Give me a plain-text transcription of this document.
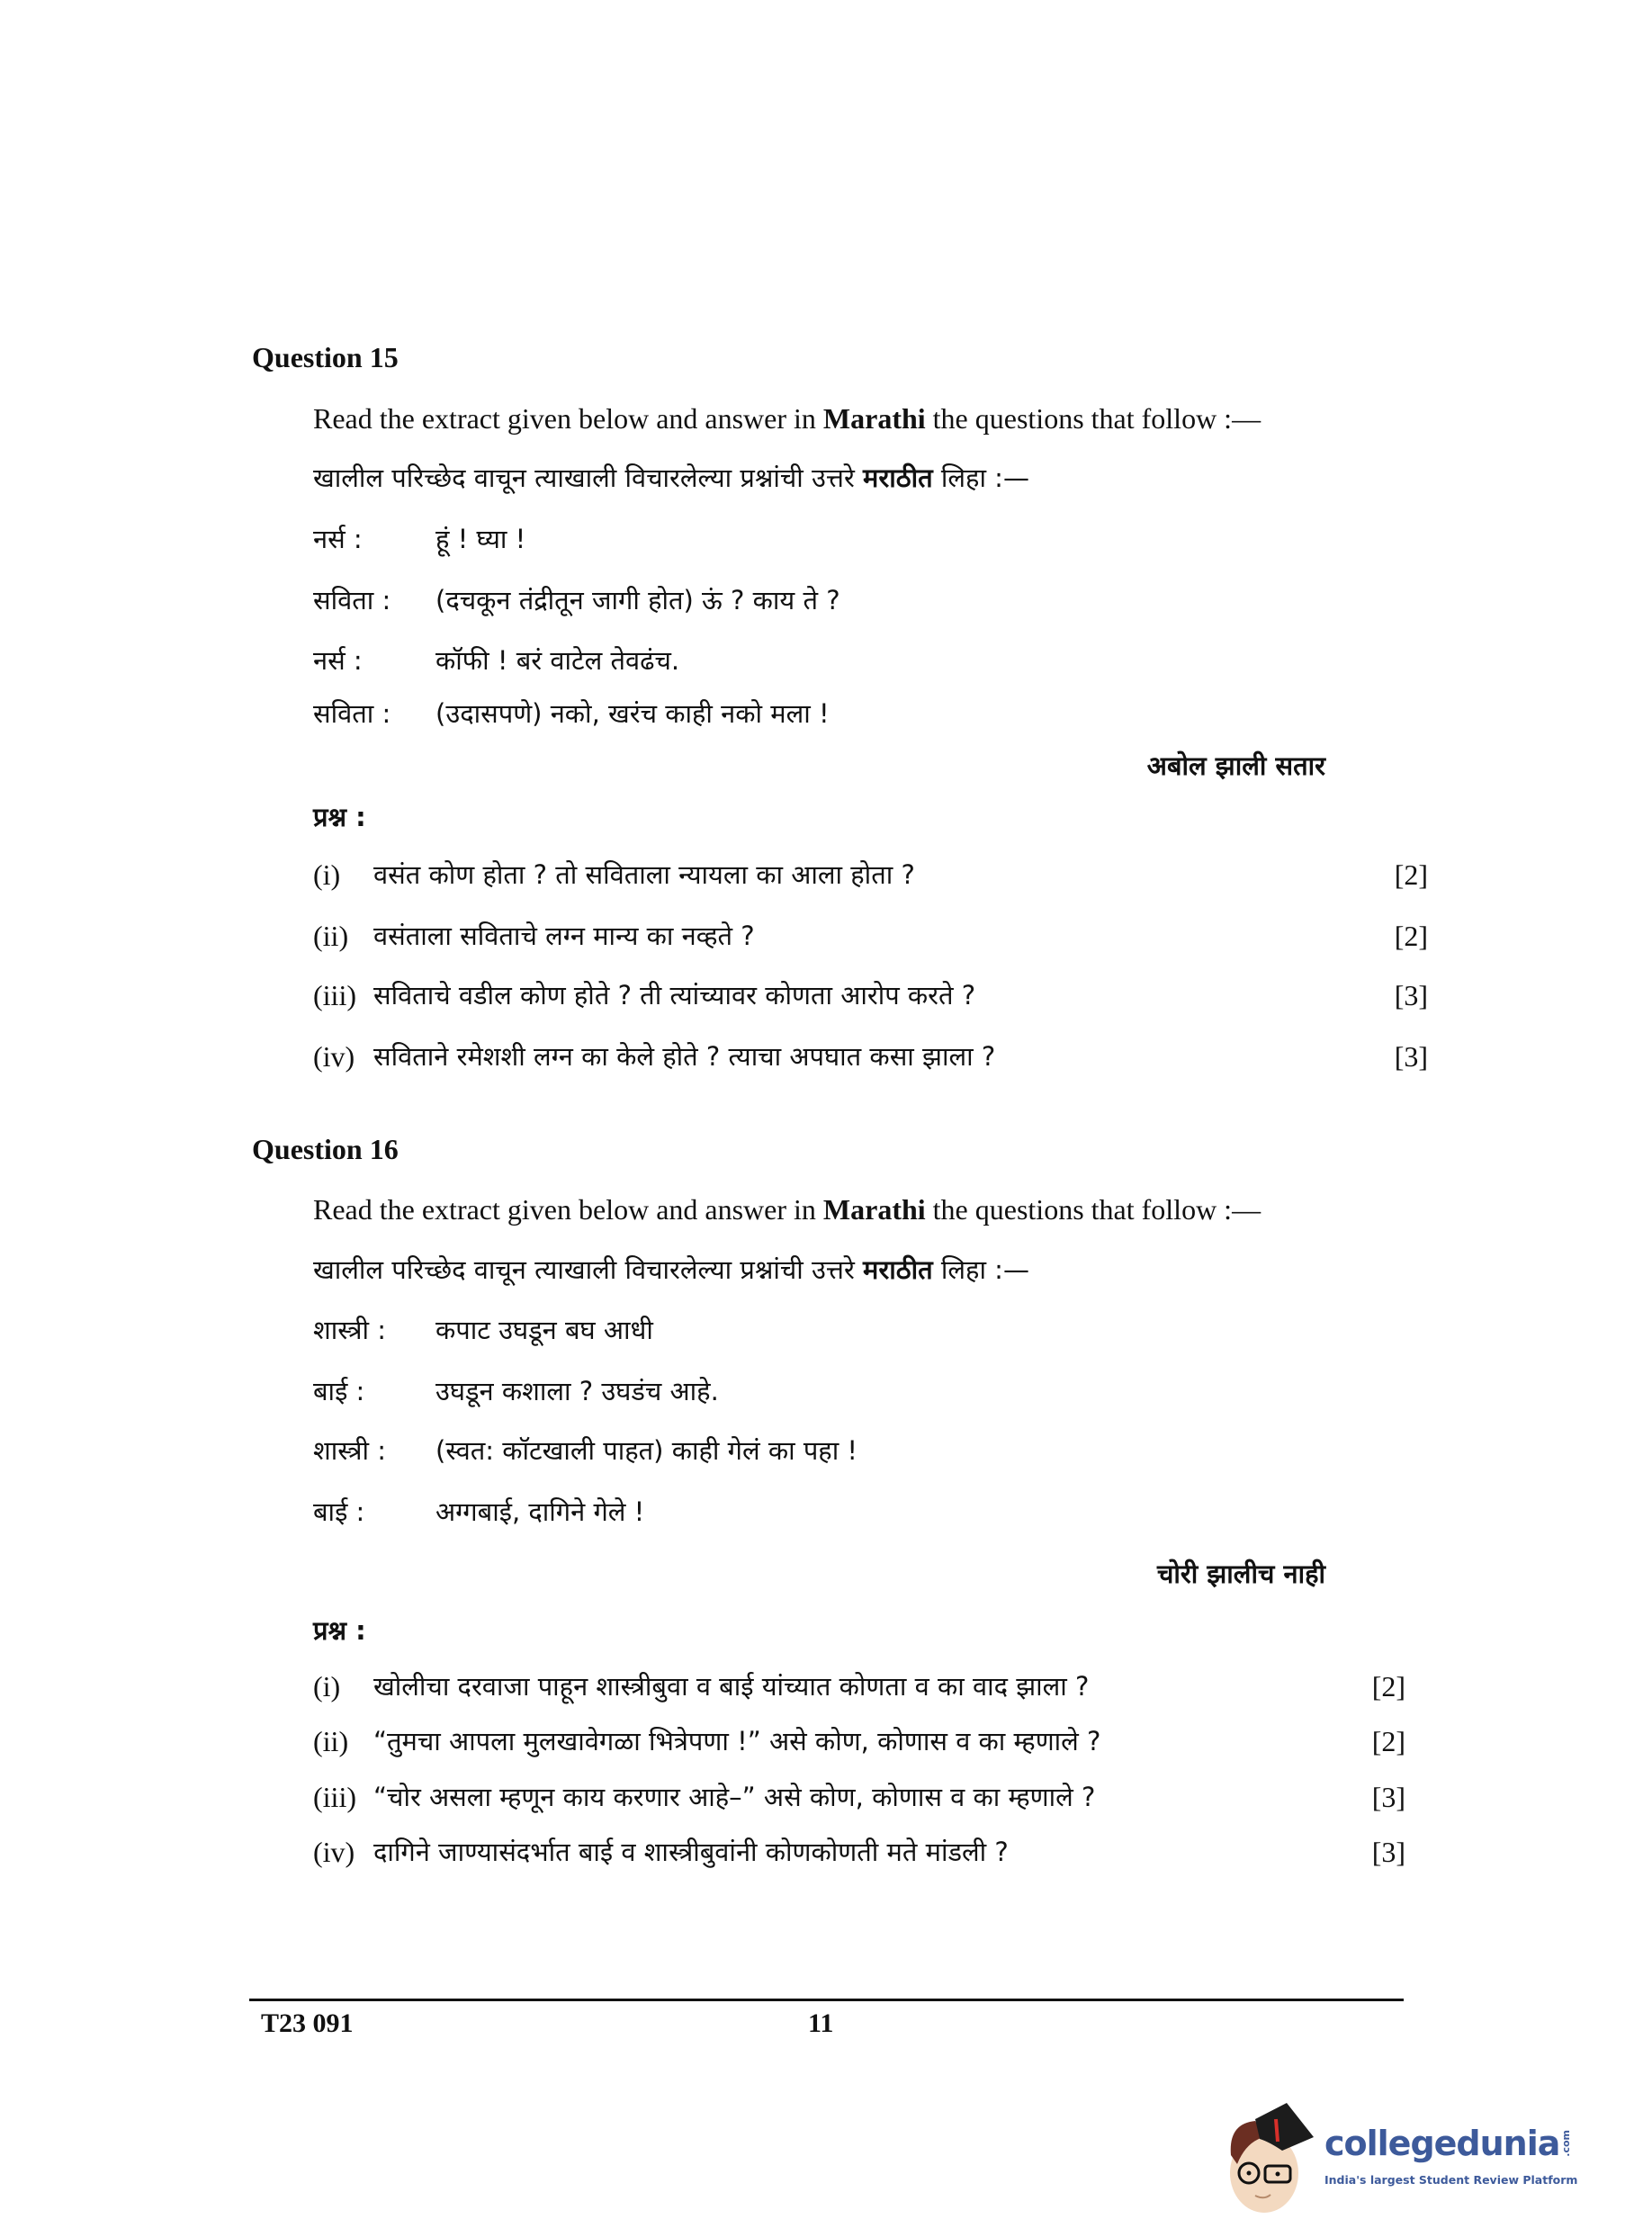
Question 15
Read the extract given below and answer in Marathi the questions that follow :—
खालील परिच्छेद वाचून त्याखाली विचारलेल्या प्रश्नांची उत्तरे मराठीत लिहा :—
नर्स :	हूं ! घ्या !
सविता : (दचकून तंद्रीतून जागी होत) ऊं ? काय ते ?
नर्स :	कॉफी ! बरं वाटेल तेवढंच.
सविता : (उदासपणे) नको, खरंच काही नको मला !
अबोल झाली सतार
प्रश्न :
(i) वसंत कोण होता ? तो सविताला न्यायला का आला होता ?	[2]
(ii) वसंताला सविताचे लग्न मान्य का नव्हते ?	[2]
(iii) सविताचे वडील कोण होते ? ती त्यांच्यावर कोणता आरोप करते ?	[3]
(iv) सविताने रमेशशी लग्न का केले होते ? त्याचा अपघात कसा झाला ?	[3]
Question 16
Read the extract given below and answer in Marathi the questions that follow :—
खालील परिच्छेद वाचून त्याखाली विचारलेल्या प्रश्नांची उत्तरे मराठीत लिहा :—
शास्त्री : कपाट उघडून बघ आधी
बाई :	उघडून कशाला ? उघडंच आहे.
शास्त्री : (स्वत: कॉटखाली पाहत) काही गेलं का पहा !
बाई :	अग्गबाई, दागिने गेले !
चोरी झालीच नाही
प्रश्न :
(i) खोलीचा दरवाजा पाहून शास्त्रीबुवा व बाई यांच्यात कोणता व का वाद झाला ?	[2]
(ii) “तुमचा आपला मुलखावेगळा भित्रेपणा !” असे कोण, कोणास व का म्हणाले ?	[2]
(iii) “चोर असला म्हणून काय करणार आहे–” असे कोण, कोणास व का म्हणाले ?	[3]
(iv) दागिने जाण्यासंदर्भात बाई व शास्त्रीबुवांनी कोणकोणती मते मांडली ?	[3]
T23 091	11
collegedunia .com
India's largest Student Review Platform
